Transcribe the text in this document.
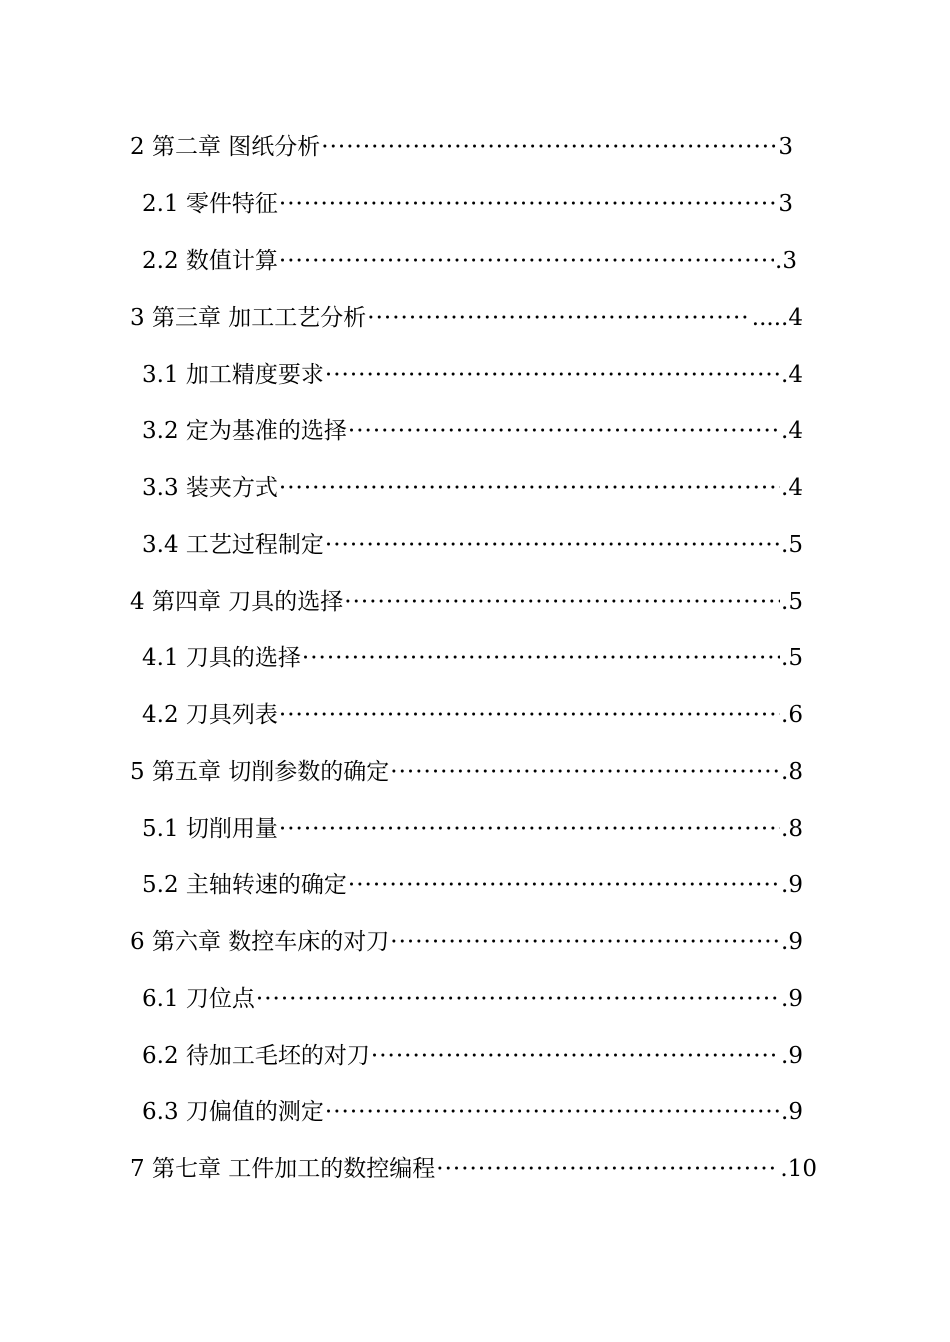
2 第二章 图纸分析 ·····	3
2.1 零件特征 ·····	3
2.2 数值计算 ·····	.3
3 第三章 加工工艺分析 ·····	.....4
3.1 加工精度要求 ·····	.4
3.2 定为基准的选择 ·····	.4
3.3 装夹方式 ·····	.4
3.4 工艺过程制定 ·····	.5
4 第四章 刀具的选择 ·····	.5
4.1 刀具的选择 ·····	.5
4.2 刀具列表 ·····	.6
5 第五章 切削参数的确定 ·····	.8
5.1 切削用量 ·····	.8
5.2 主轴转速的确定 ·····	.9
6 第六章 数控车床的对刀 ·····	.9
6.1 刀位点 ·····	.9
6.2 待加工毛坯的对刀 ·····	.9
6.3 刀偏值的测定 ·····	.9
7 第七章 工件加工的数控编程 ·····	.10
